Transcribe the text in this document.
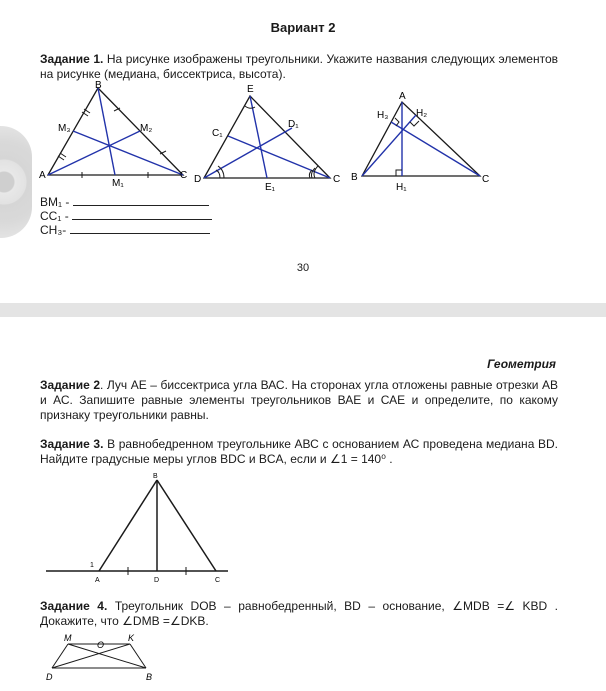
Вариант 2
Задание 1. На рисунке изображены треугольники. Укажите названия следующих элементов на рисунке (медиана, биссектриса, высота).
B
A	C
M₁
M₂
M₃
E
D	C
C₁
D₁
E₁
A
B	C
H₁
H₂
H₃
BM₁ -
CC₁ -
CH₃-
30
Геометрия
Задание 2. Луч АЕ – биссектриса угла ВАС. На сторонах угла отложены равные отрезки АВ и АС. Запишите равные элементы треугольников ВАЕ и САЕ и определите, по какому признаку треугольники равны.
Задание 3. В равнобедренном треугольнике АВС с основанием АС проведена медиана BD. Найдите градусные меры углов BDC и BCA, если и ∠1 = 140⁰ .
B
A	D	C
1
Задание 4. Треугольник DOB – равнобедренный, BD – основание, ∠MDB =∠ KBD . Докажите, что ∠DMB =∠DKB.
M
O
K
D	B
